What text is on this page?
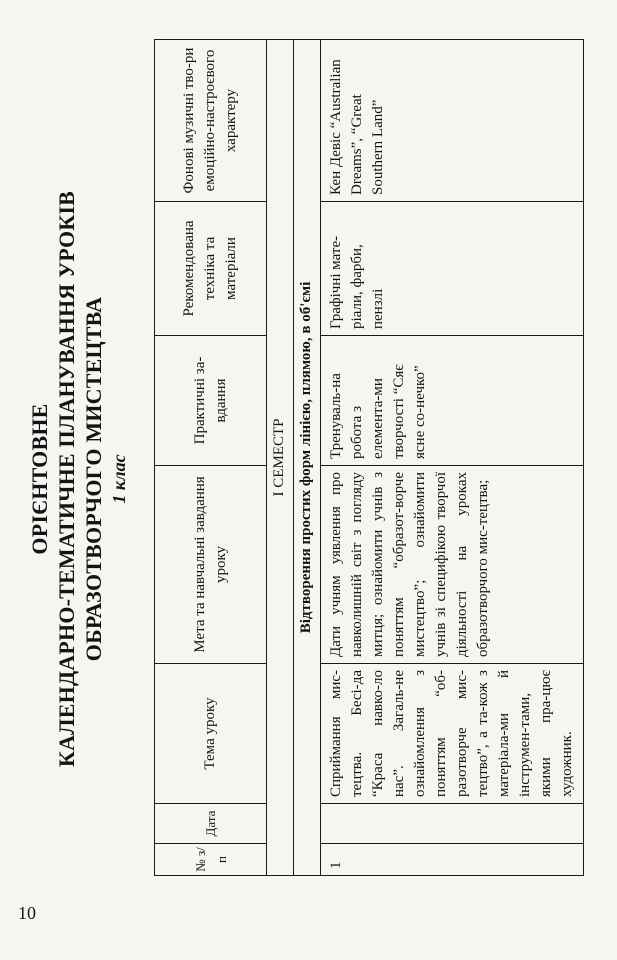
10
ОРІЄНТОВНЕ КАЛЕНДАРНО-ТЕМАТИЧНЕ ПЛАНУВАННЯ УРОКІВ ОБРАЗОТВОРЧОГО МИСТЕЦТВА 1 клас
№ з/п	Дата	Тема уроку	Мета та навчальні завдання уроку	Практичні за-вдання	Рекомендована техніка та матеріали	Фонові музичні тво-ри емоційно-настроєвого характеру
І СЕМЕСТР						
Відтворення простих форм лінією, плямою, в об'ємі						
1		Сприймання мис-тецтва. Бесі-да “Краса навко-ло нас”. Загаль-не ознайомлення з поняттям “об-разотворче мис-тецтво”, а та-кож з матеріала-ми й інструмен-тами, якими пра-цює художник.	Дати учням уявлення про навколишній світ з погляду митця; ознайомити учнів з поняттям “образот-ворче мистецтво”; ознайомити учнів зі специфікою творчої діяльності на уроках образотворчого мис-тецтва;	Тренуваль-на робота з елемента-ми творчості “Сяє ясне со-нечко”	Графічні мате-ріали, фарби, пензлі	Кен Девіс “Australian Dreams”, “Great Southern Land”
